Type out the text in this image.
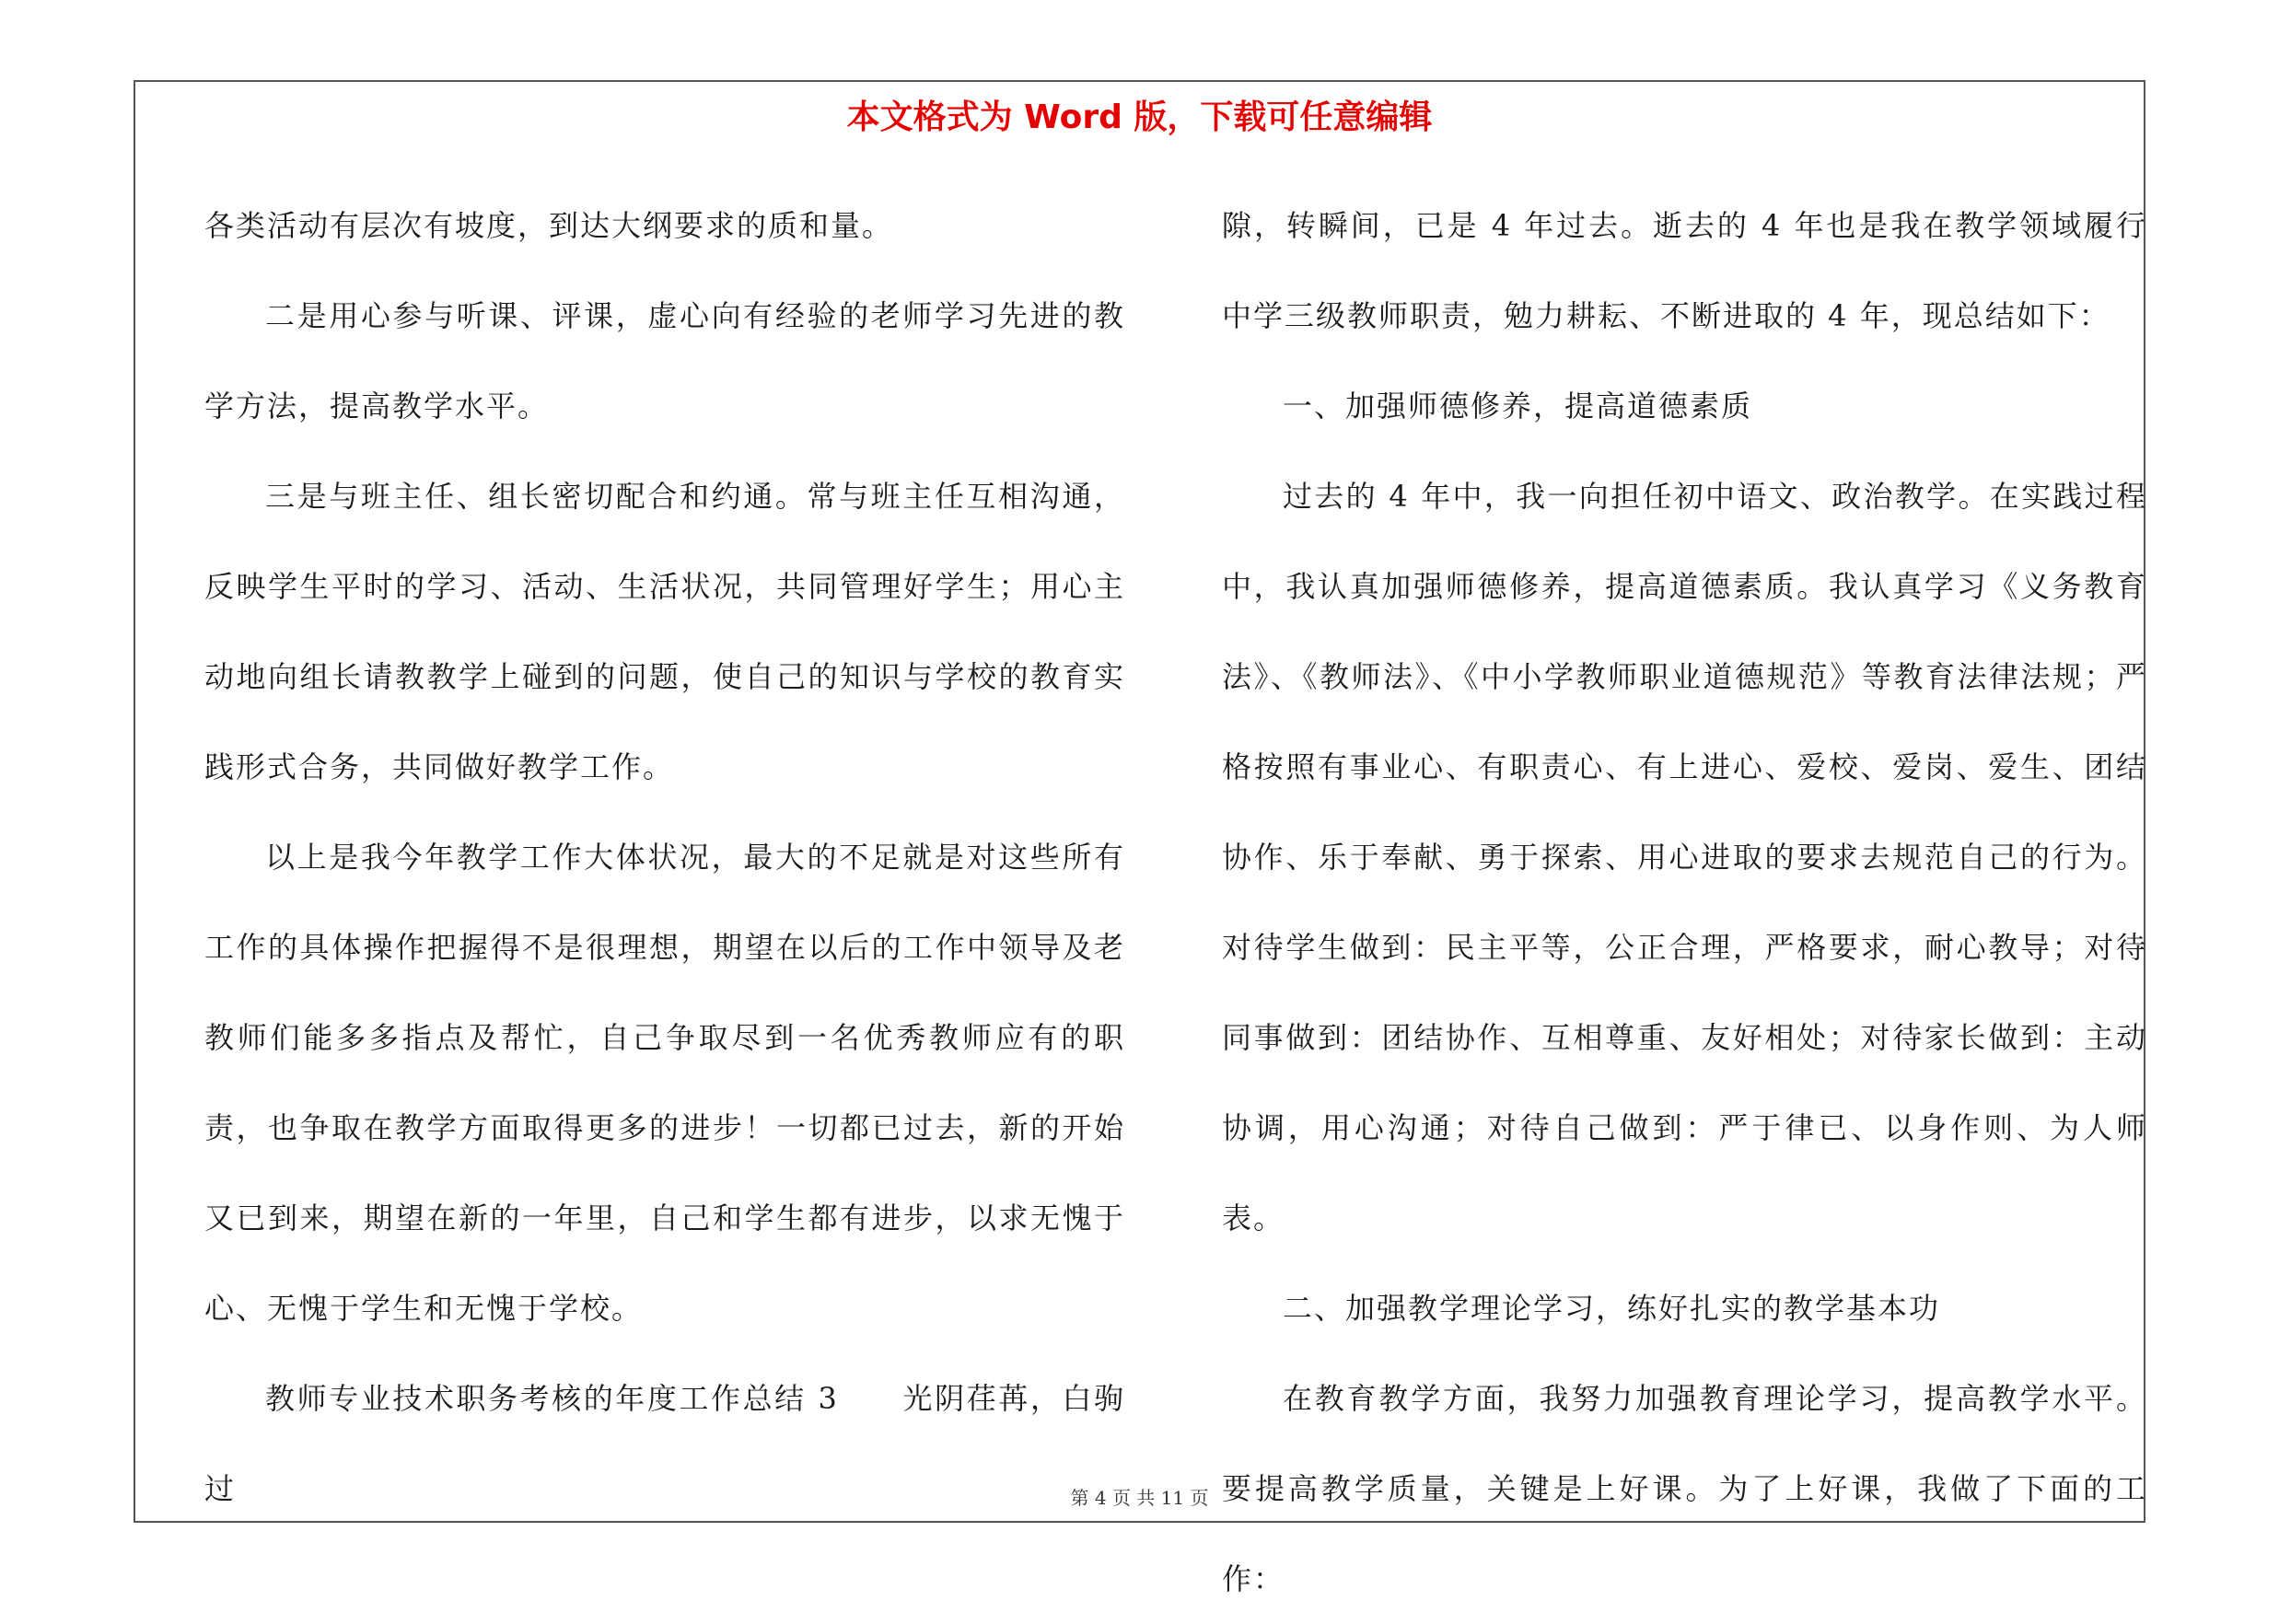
本文格式为 Word 版，下载可任意编辑

各类活动有层次有坡度，到达大纲要求的质和量。

二是用心参与听课、评课，虚心向有经验的老师学习先进的教学方法，提高教学水平。

三是与班主任、组长密切配合和约通。常与班主任互相沟通，反映学生平时的学习、活动、生活状况，共同管理好学生；用心主动地向组长请教教学上碰到的问题，使自己的知识与学校的教育实践形式合务，共同做好教学工作。

以上是我今年教学工作大体状况，最大的不足就是对这些所有工作的具体操作把握得不是很理想，期望在以后的工作中领导及老教师们能多多指点及帮忙，自己争取尽到一名优秀教师应有的职责，也争取在教学方面取得更多的进步！一切都已过去，新的开始又已到来，期望在新的一年里，自己和学生都有进步，以求无愧于心、无愧于学生和无愧于学校。

教师专业技术职务考核的年度工作总结 3　　光阴荏苒，白驹过

隙，转瞬间，已是 4 年过去。逝去的 4 年也是我在教学领域履行中学三级教师职责，勉力耕耘、不断进取的 4 年，现总结如下：

一、加强师德修养，提高道德素质

过去的 4 年中，我一向担任初中语文、政治教学。在实践过程中，我认真加强师德修养，提高道德素质。我认真学习《义务教育法》、《教师法》、《中小学教师职业道德规范》等教育法律法规；严格按照有事业心、有职责心、有上进心、爱校、爱岗、爱生、团结协作、乐于奉献、勇于探索、用心进取的要求去规范自己的行为。对待学生做到：民主平等，公正合理，严格要求，耐心教导；对待同事做到：团结协作、互相尊重、友好相处；对待家长做到：主动协调，用心沟通；对待自己做到：严于律已、以身作则、为人师表。

二、加强教学理论学习，练好扎实的教学基本功

在教育教学方面，我努力加强教育理论学习，提高教学水平。要提高教学质量，关键是上好课。为了上好课，我做了下面的工作：

第 4 页 共 11 页
